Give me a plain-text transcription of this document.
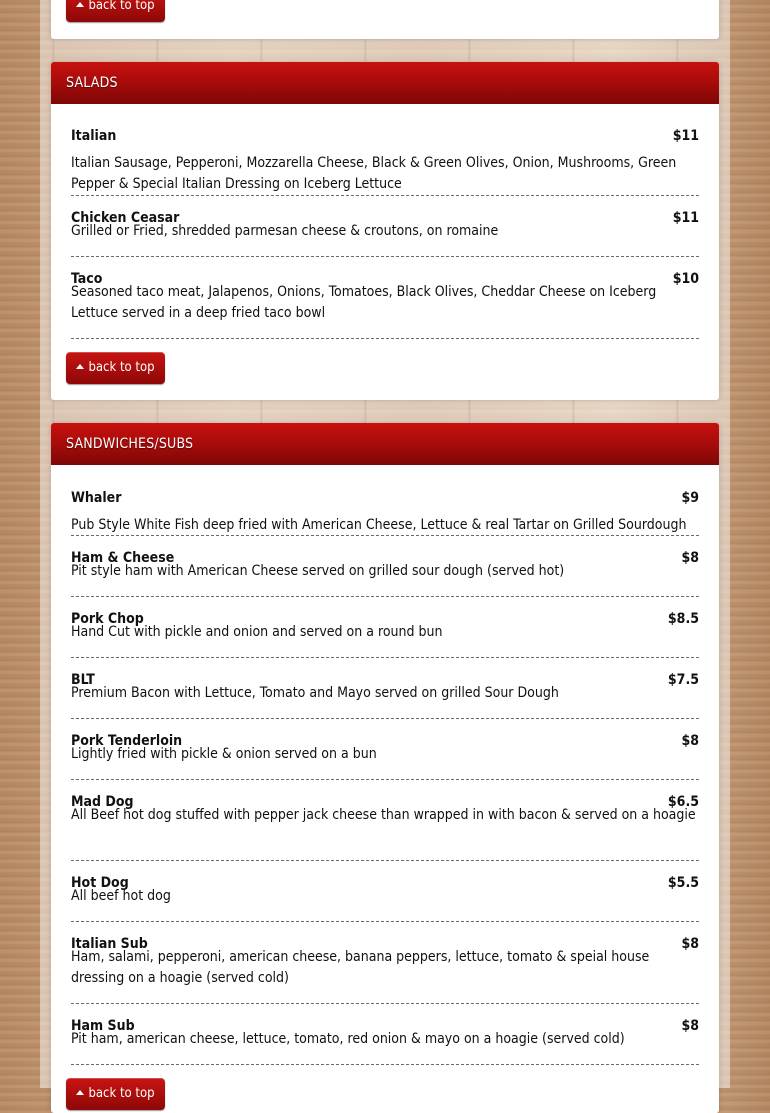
back to top
SALADS
Italian	$11
Italian Sausage, Pepperoni, Mozzarella Cheese, Black & Green Olives, Onion, Mushrooms, Green Pepper & Special Italian Dressing on Iceberg Lettuce
Chicken Ceasar	$11
Grilled or Fried, shredded parmesan cheese & croutons, on romaine
Taco	$10
Seasoned taco meat, Jalapenos, Onions, Tomatoes, Black Olives, Cheddar Cheese on Iceberg Lettuce served in a deep fried taco bowl
back to top
SANDWICHES/SUBS
Whaler	$9
Pub Style White Fish deep fried with American Cheese, Lettuce & real Tartar on Grilled Sourdough
Ham & Cheese	$8
Pit style ham with American Cheese served on grilled sour dough (served hot)
Pork Chop	$8.5
Hand Cut with pickle and onion and served on a round bun
BLT	$7.5
Premium Bacon with Lettuce, Tomato and Mayo served on grilled Sour Dough
Pork Tenderloin	$8
Lightly fried with pickle & onion served on a bun
Mad Dog	$6.5
All Beef hot dog stuffed with pepper jack cheese than wrapped in with bacon & served on a hoagie
Hot Dog	$5.5
All beef hot dog
Italian Sub	$8
Ham, salami, pepperoni, american cheese, banana peppers, lettuce, tomato & speial house dressing on a hoagie (served cold)
Ham Sub	$8
Pit ham, american cheese, lettuce, tomato, red onion & mayo on a hoagie (served cold)
back to top
